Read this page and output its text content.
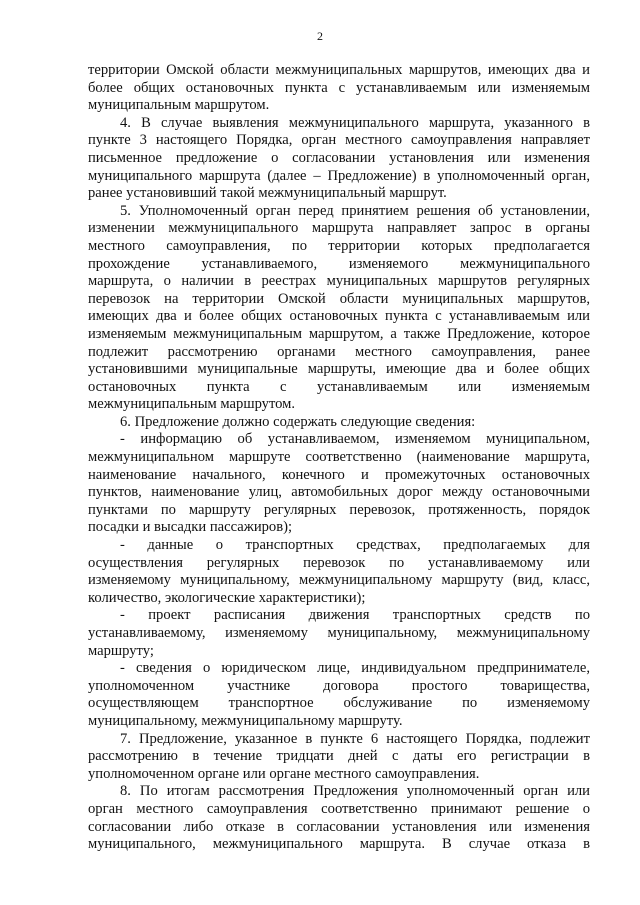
2
территории Омской области межмуниципальных маршрутов, имеющих два и
более общих остановочных пункта с устанавливаемым или изменяемым
муниципальным маршрутом.
4. В случае выявления межмуниципального маршрута, указанного в
пункте 3 настоящего Порядка, орган местного самоуправления направляет
письменное предложение о согласовании установления или изменения
муниципального маршрута (далее – Предложение) в уполномоченный орган,
ранее установивший такой межмуниципальный маршрут.
5. Уполномоченный орган перед принятием решения об установлении,
изменении межмуниципального маршрута направляет запрос в органы
местного самоуправления, по территории которых предполагается
прохождение устанавливаемого, изменяемого межмуниципального
маршрута, о наличии в реестрах муниципальных маршрутов регулярных
перевозок на территории Омской области муниципальных маршрутов,
имеющих два и более общих остановочных пункта с устанавливаемым или
изменяемым межмуниципальным маршрутом, а также Предложение, которое
подлежит рассмотрению органами местного самоуправления, ранее
установившими муниципальные маршруты, имеющие два и более общих
остановочных пункта с устанавливаемым или изменяемым
межмуниципальным маршрутом.
6. Предложение должно содержать следующие сведения:
- информацию об устанавливаемом, изменяемом муниципальном,
межмуниципальном маршруте соответственно (наименование маршрута,
наименование начального, конечного и промежуточных остановочных
пунктов, наименование улиц, автомобильных дорог между остановочными
пунктами по маршруту регулярных перевозок, протяженность, порядок
посадки и высадки пассажиров);
- данные о транспортных средствах, предполагаемых для
осуществления регулярных перевозок по устанавливаемому или
изменяемому муниципальному, межмуниципальному маршруту (вид, класс,
количество, экологические характеристики);
- проект расписания движения транспортных средств по
устанавливаемому, изменяемому муниципальному, межмуниципальному
маршруту;
- сведения о юридическом лице, индивидуальном предпринимателе,
уполномоченном участнике договора простого товарищества,
осуществляющем транспортное обслуживание по изменяемому
муниципальному, межмуниципальному маршруту.
7. Предложение, указанное в пункте 6 настоящего Порядка, подлежит
рассмотрению в течение тридцати дней с даты его регистрации в
уполномоченном органе или органе местного самоуправления.
8. По итогам рассмотрения Предложения уполномоченный орган или
орган местного самоуправления соответственно принимают решение о
согласовании либо отказе в согласовании установления или изменения
муниципального, межмуниципального маршрута. В случае отказа в
